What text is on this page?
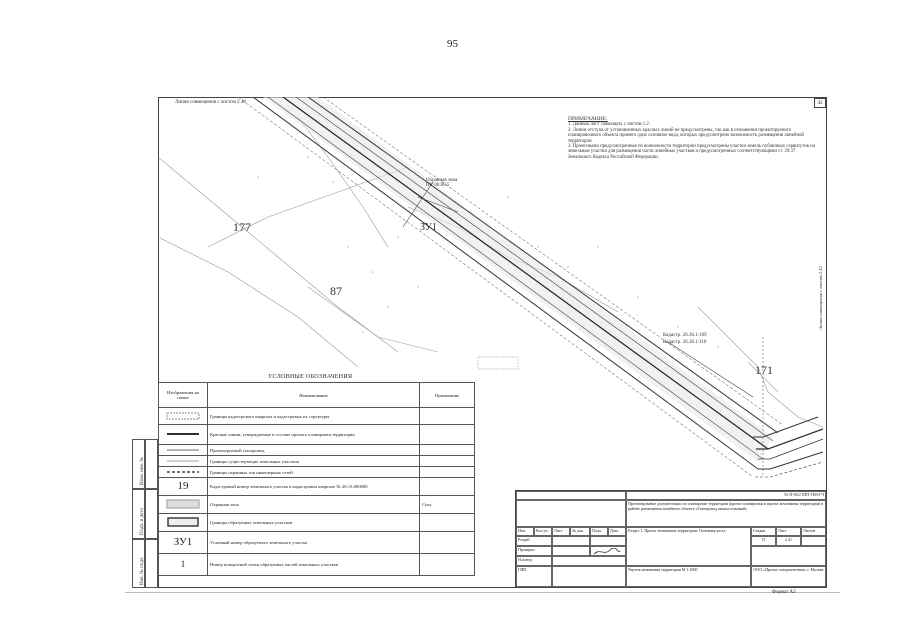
95
Линия совмещения с листом 2.38
177
87
171
ЗУ1
Охранная зона
ПУ 00.00.5
Кадастр. 26.36.1:109
Кадастр. 26.36.1:110
43
Линия совмещения с листом 2.42
ПРИМЕЧАНИЕ:
1. Данный лист совмещать с листом 1.2.
2. Линии отступа от установленных красных линий не предусмотрены, так как в отношении проектируемого планировочного объекта принято одно основное вида, которых предусмотрено возможность размещения линейной территории.
3. Проектными предусмотренные по возможности территории предусмотрены участки земель публичных сервитутов на земельные участки для размещения части линейных участков и предусмотренных соответствующими ст. 39.37 Земельного Кодекса Российской Федерации.
УСЛОВНЫЕ ОБОЗНАЧЕНИЯ
Изображения на плане	Наименование	Примечание
	Границы кадастрового квартала и кадастровых их структуры	
	Красные линии, утверждаемые в составе проекта планировки территории	
	Проектируемый газопровод	
	Границы существующих земельных участков	
	Границы охранных зон инженерных сетей	
19	Кадастровый номер земельного участка в кадастровом квартале № 26:13:000000	
	Охранная зона	Сущ.
	Границы образуемых земельных участков	
ЗУ1	Условный номер образуемого земельного участка	
1	Номер поворотной точки образуемых частей земельных участков	
Взам. инв. №
Подп. и дата
Инв. № подл.
95 П-00/2 ППТ-ПМ-ГЧ
Проектирование документации по планировке территории (проект планировки и проект межевания территории) в районе размещения линейного объекта «Газопровод межпоселковый»
Изм.	Кол.уч.	Лист	№ док.	Подп.	Дата
Разраб.
Проверил
Н.контр.
Раздел 1. Проект межевания территории. Основная часть	Стадия	Лист	Листов
П	2.41
ГИП	Чертеж межевания территории М 1:2000	ООО «Проект совершенствия» г. Москва
Формат А3
